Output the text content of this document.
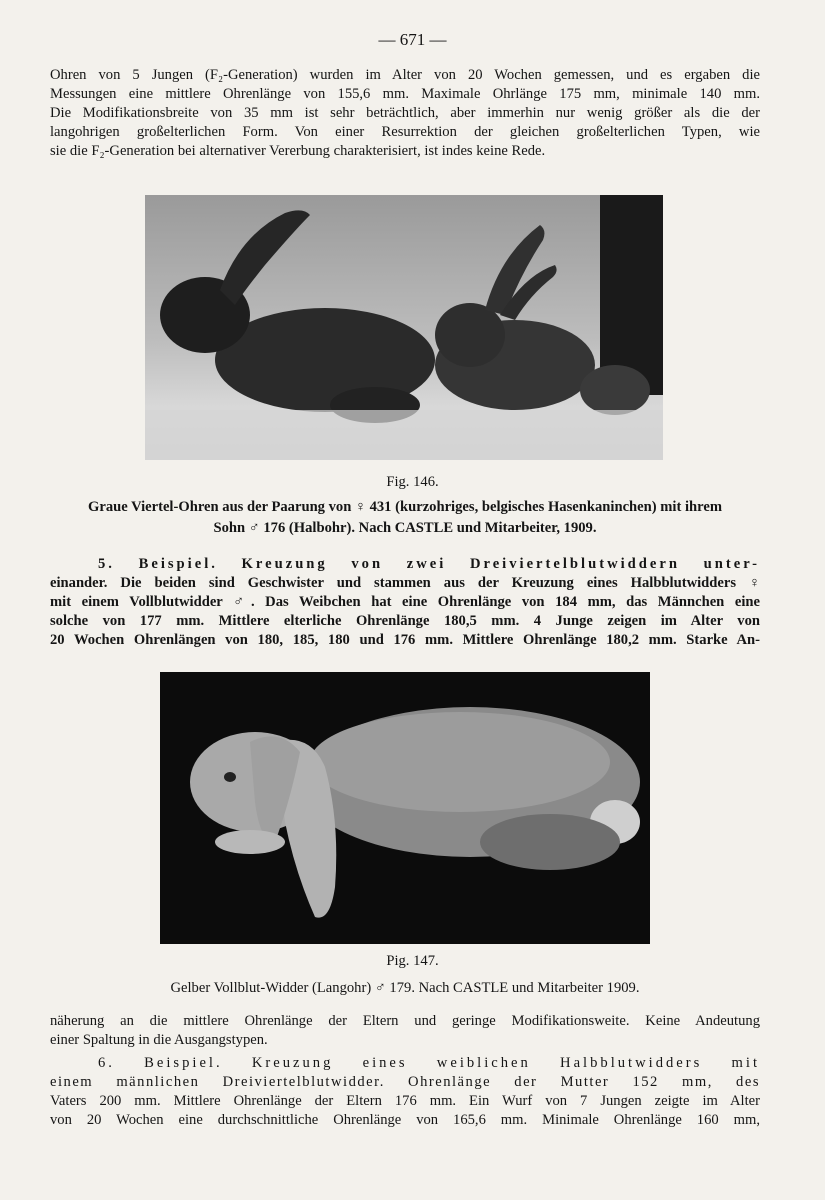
— 671 —
Ohren von 5 Jungen (F₂-Generation) wurden im Alter von 20 Wochen gemessen, und es ergaben die
Messungen eine mittlere Ohrenlänge von 155,6 mm. Maximale Ohrlänge 175 mm, minimale 140 mm.
Die Modifikationsbreite von 35 mm ist sehr beträchtlich, aber immerhin nur wenig größer als die der
langohrigen großelterlichen Form. Von einer Resurrektion der gleichen großelterlichen Typen, wie
sie die F₂-Generation bei alternativer Vererbung charakterisiert, ist indes keine Rede.
Fig. 146.
Graue Viertel-Ohren aus der Paarung von ♀ 431 (kurzohriges, belgisches Hasenkaninchen) mit ihrem
Sohn ♂ 176 (Halbohr). Nach CASTLE und Mitarbeiter, 1909.
5. Beispiel. Kreuzung von zwei Dreiviertelblutwiddern unter-
einander. Die beiden sind Geschwister und stammen aus der Kreuzung eines Halbblutwidders ♀
mit einem Vollblutwidder ♂. Das Weibchen hat eine Ohrenlänge von 184 mm, das Männchen eine
solche von 177 mm. Mittlere elterliche Ohrenlänge 180,5 mm. 4 Junge zeigen im Alter von
20 Wochen Ohrenlängen von 180, 185, 180 und 176 mm. Mittlere Ohrenlänge 180,2 mm. Starke An-
Pig. 147.
Gelber Vollblut-Widder (Langohr) ♂ 179. Nach CASTLE und Mitarbeiter 1909.
näherung an die mittlere Ohrenlänge der Eltern und geringe Modifikationsweite. Keine Andeutung
einer Spaltung in die Ausgangstypen.
6. Beispiel. Kreuzung eines weiblichen Halbblutwidders mit
einem männlichen Dreiviertelblutwidder. Ohrenlänge der Mutter 152 mm, des
Vaters 200 mm. Mittlere Ohrenlänge der Eltern 176 mm. Ein Wurf von 7 Jungen zeigte im Alter
von 20 Wochen eine durchschnittliche Ohrenlänge von 165,6 mm. Minimale Ohrenlänge 160 mm,
